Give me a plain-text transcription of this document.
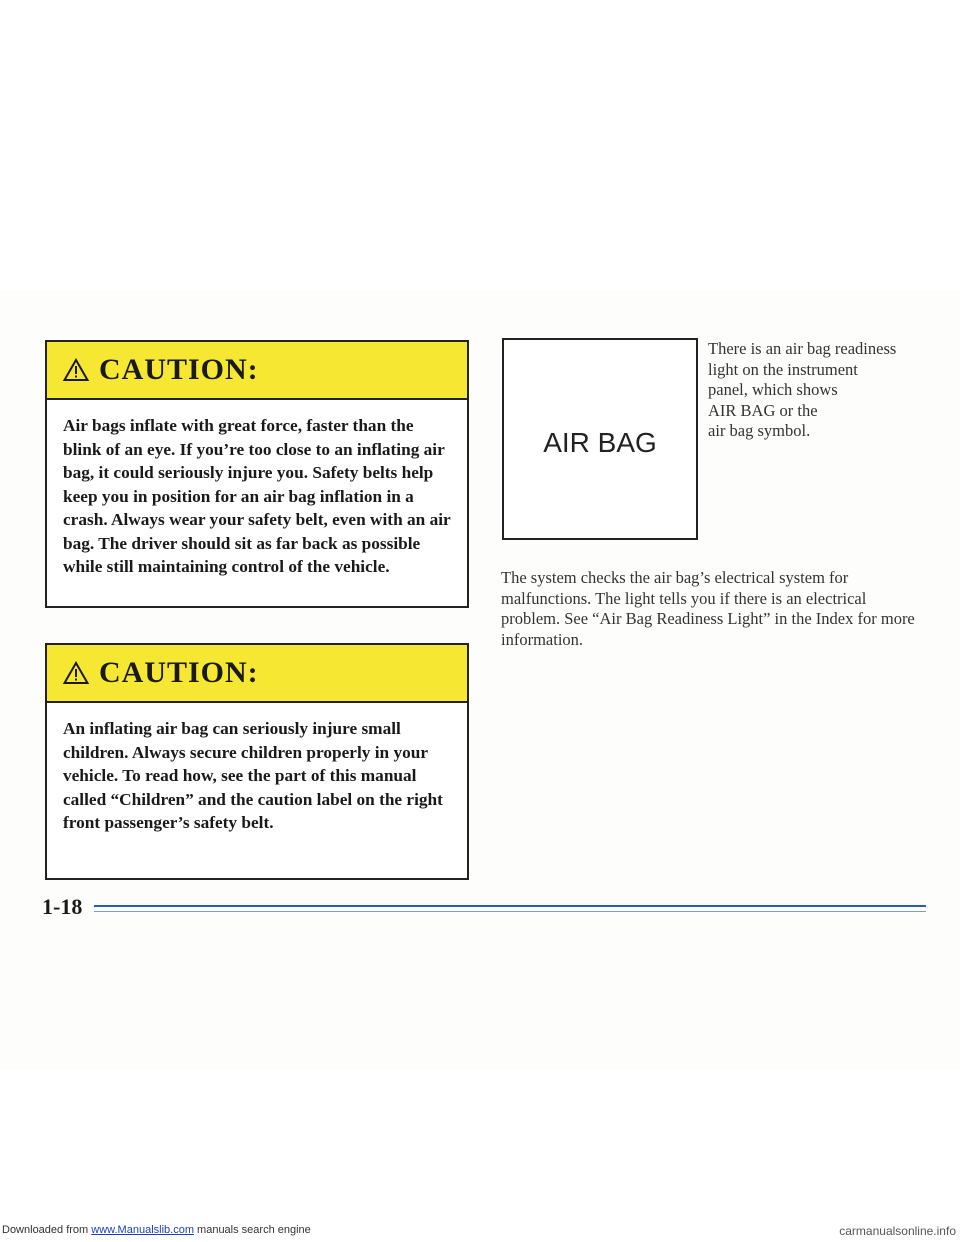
CAUTION:
Air bags inflate with great force, faster than the blink of an eye. If you’re too close to an inflating air bag, it could seriously injure you. Safety belts help keep you in position for an air bag inflation in a crash. Always wear your safety belt, even with an air bag. The driver should sit as far back as possible while still maintaining control of the vehicle.
CAUTION:
An inflating air bag can seriously injure small children. Always secure children properly in your vehicle. To read how, see the part of this manual called “Children” and the caution label on the right front passenger’s safety belt.
AIR BAG

There is an air bag readiness

light on the instrument

panel, which shows

AIR BAG or the

air bag symbol.

The system checks the air bag’s electrical system for malfunctions. The light tells you if there is an electrical problem. See “Air Bag Readiness Light” in the Index for more information.
1-18
Downloaded from www.Manualslib.com manuals search engine	carmanualsonline.info
